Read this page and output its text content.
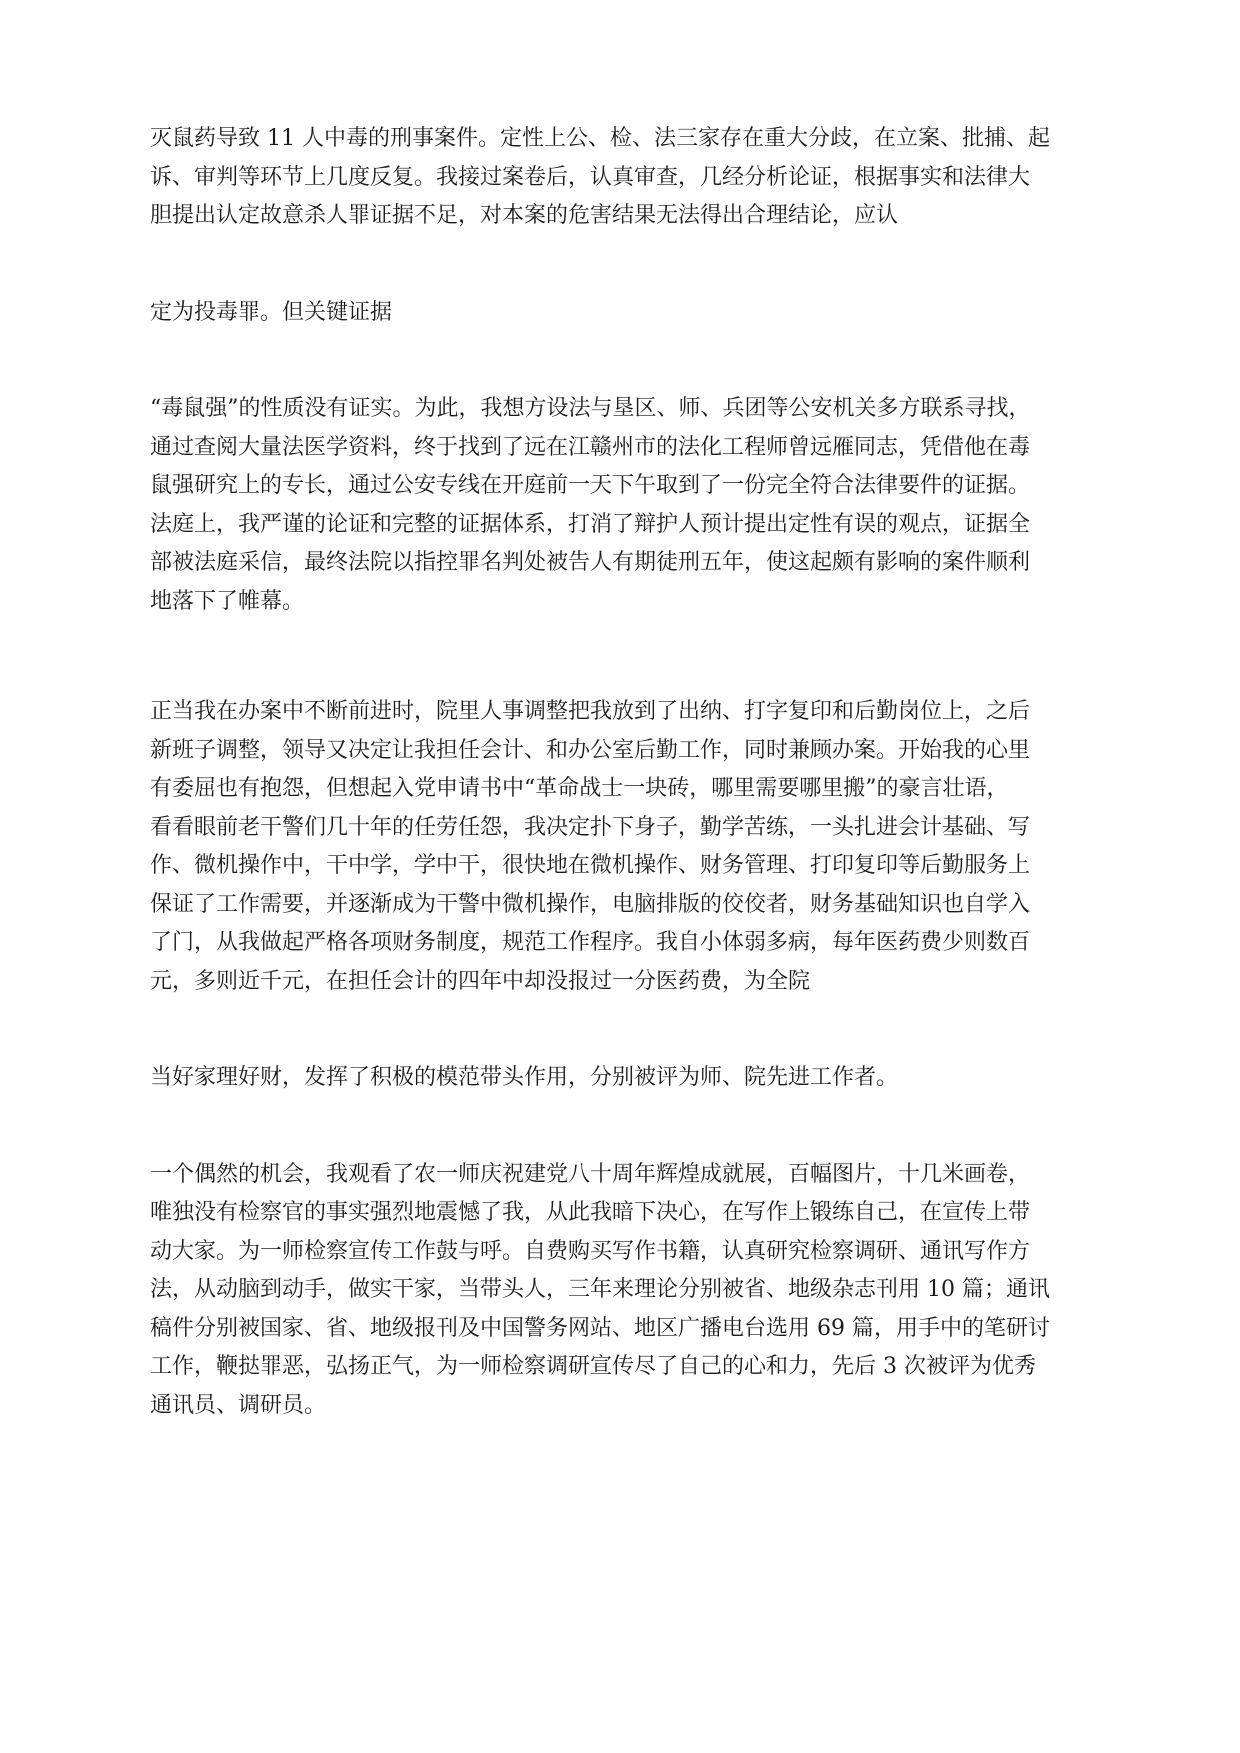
灭鼠药导致 11 人中毒的刑事案件。定性上公、检、法三家存在重大分歧，在立案、批捕、起
诉、审判等环节上几度反复。我接过案卷后，认真审查，几经分析论证，根据事实和法律大
胆提出认定故意杀人罪证据不足，对本案的危害结果无法得出合理结论，应认
定为投毒罪。但关键证据
“毒鼠强”的性质没有证实。为此，我想方设法与垦区、师、兵团等公安机关多方联系寻找，
通过查阅大量法医学资料，终于找到了远在江赣州市的法化工程师曾远雁同志，凭借他在毒
鼠强研究上的专长，通过公安专线在开庭前一天下午取到了一份完全符合法律要件的证据。
法庭上，我严谨的论证和完整的证据体系，打消了辩护人预计提出定性有误的观点，证据全
部被法庭采信，最终法院以指控罪名判处被告人有期徒刑五年，使这起颇有影响的案件顺利
地落下了帷幕。
正当我在办案中不断前进时，院里人事调整把我放到了出纳、打字复印和后勤岗位上，之后
新班子调整，领导又决定让我担任会计、和办公室后勤工作，同时兼顾办案。开始我的心里
有委屈也有抱怨，但想起入党申请书中“革命战士一块砖，哪里需要哪里搬”的豪言壮语，
看看眼前老干警们几十年的任劳任怨，我决定扑下身子，勤学苦练，一头扎进会计基础、写
作、微机操作中，干中学，学中干，很快地在微机操作、财务管理、打印复印等后勤服务上
保证了工作需要，并逐渐成为干警中微机操作，电脑排版的佼佼者，财务基础知识也自学入
了门，从我做起严格各项财务制度，规范工作程序。我自小体弱多病，每年医药费少则数百
元，多则近千元，在担任会计的四年中却没报过一分医药费，为全院
当好家理好财，发挥了积极的模范带头作用，分别被评为师、院先进工作者。
一个偶然的机会，我观看了农一师庆祝建党八十周年辉煌成就展，百幅图片，十几米画卷，
唯独没有检察官的事实强烈地震憾了我，从此我暗下决心，在写作上锻练自己，在宣传上带
动大家。为一师检察宣传工作鼓与呼。自费购买写作书籍，认真研究检察调研、通讯写作方
法，从动脑到动手，做实干家，当带头人，三年来理论分别被省、地级杂志刊用 10 篇；通讯
稿件分别被国家、省、地级报刊及中国警务网站、地区广播电台选用 69 篇，用手中的笔研讨
工作，鞭挞罪恶，弘扬正气，为一师检察调研宣传尽了自己的心和力，先后 3 次被评为优秀
通讯员、调研员。
